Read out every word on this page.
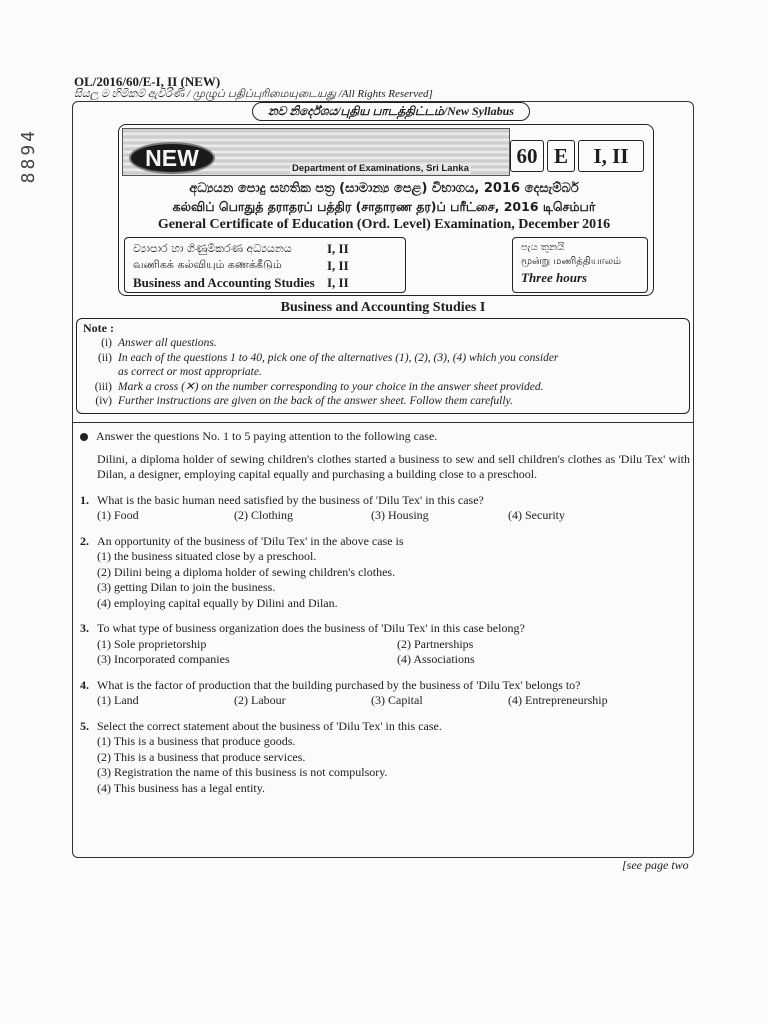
8894
OL/2016/60/E-I, II (NEW)
සියලු ම හිමිකම් ඇවිරිණි / முழுப் பதிப்புரிமையுடையது /All Rights Reserved]
නව නිර්දේශය/புதிய பாடத்திட்டம்/New Syllabus
Department of Examinations, Sri Lanka
NEW	60 E	I, II
අධ්‍යයන පොදු සහතික පත්‍ර (සාමාන්‍ය පෙළ) විභාගය, 2016 දෙසැම්බර්
கல்விப் பொதுத் தராதரப் பத்திர (சாதாரண தர)ப் பரீட்சை, 2016 டிசெம்பர்
General Certificate of Education (Ord. Level) Examination, December 2016
ව්‍යාපාර හා ගිණුම්කරණ අධ්‍යයනය	I, II
வணிகக் கல்வியும் கணக்கீடும்	I, II
Business and Accounting Studies I, II
පැය තුනයි
மூன்று மணித்தியாலம்
Three hours
Business and Accounting Studies I
Note :
(i) Answer all questions.
(ii) In each of the questions 1 to 40, pick one of the alternatives (1), (2), (3), (4) which you consider
as correct or most appropriate.
(iii) Mark a cross (✕) on the number corresponding to your choice in the answer sheet provided.
(iv) Further instructions are given on the back of the answer sheet. Follow them carefully.
Answer the questions No. 1 to 5 paying attention to the following case.
Dilini, a diploma holder of sewing children's clothes started a business to sew and sell children's clothes as 'Dilu Tex' with Dilan, a designer, employing capital equally and purchasing a building close to a preschool.
1. What is the basic human need satisfied by the business of 'Dilu Tex' in this case?
(1) Food	(2) Clothing	(3) Housing	(4) Security
2. An opportunity of the business of 'Dilu Tex' in the above case is
(1) the business situated close by a preschool.
(2) Dilini being a diploma holder of sewing children's clothes.
(3) getting Dilan to join the business.
(4) employing capital equally by Dilini and Dilan.
3. To what type of business organization does the business of 'Dilu Tex' in this case belong?
(1) Sole proprietorship	(2) Partnerships
(3) Incorporated companies	(4) Associations
4. What is the factor of production that the building purchased by the business of 'Dilu Tex' belongs to?
(1) Land	(2) Labour	(3) Capital	(4) Entrepreneurship
5. Select the correct statement about the business of 'Dilu Tex' in this case.
(1) This is a business that produce goods.
(2) This is a business that produce services.
(3) Registration the name of this business is not compulsory.
(4) This business has a legal entity.
[see page two
